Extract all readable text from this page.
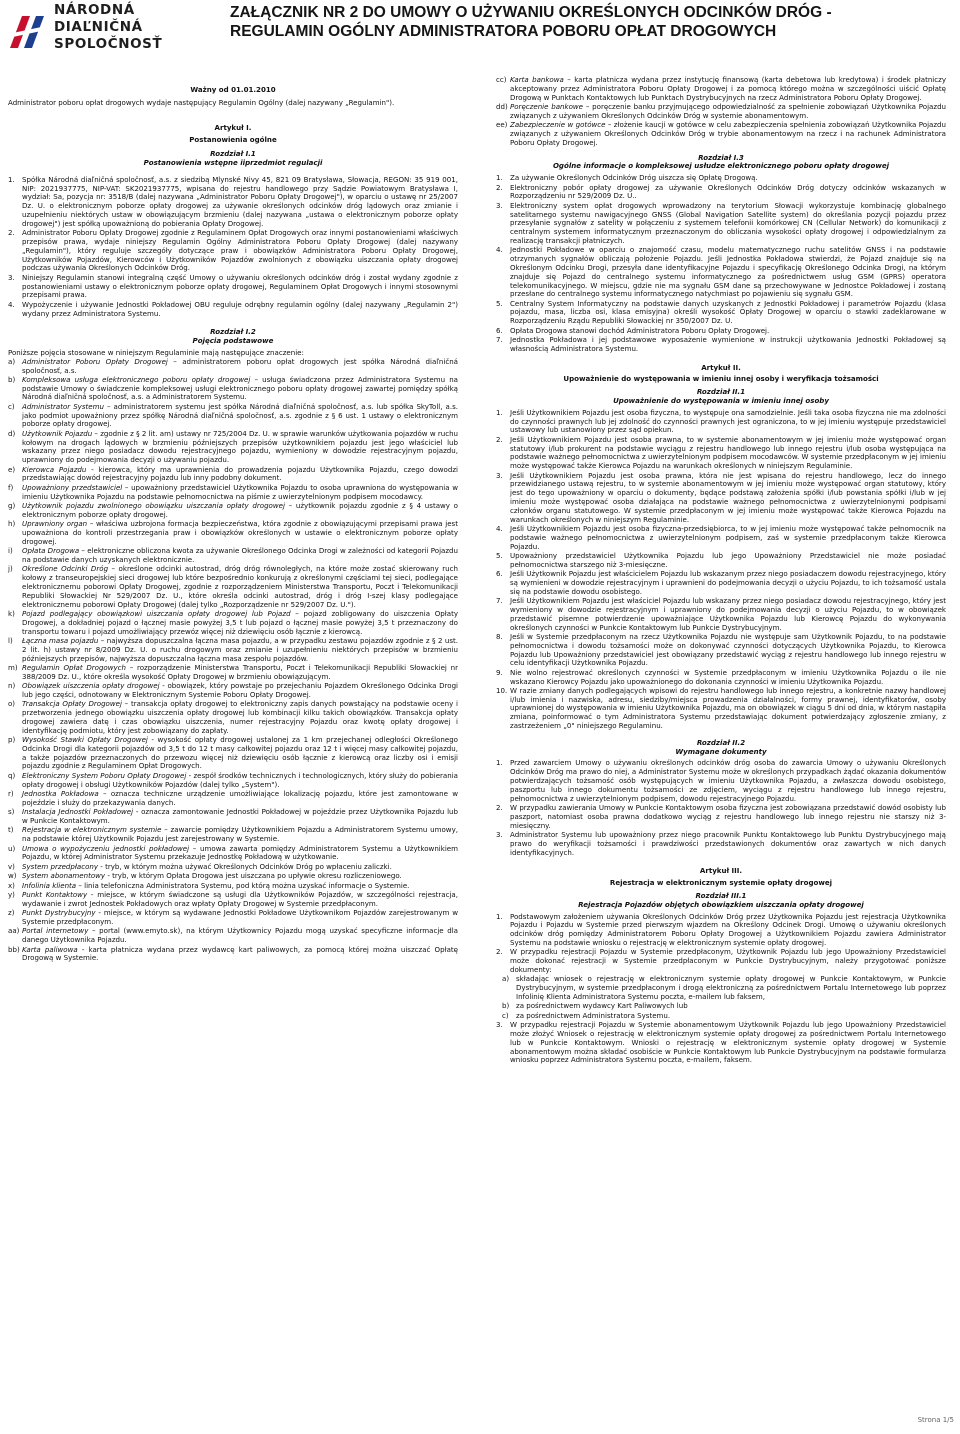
NÁRODNÁ
DIAĽNIČNÁ
SPOLOČNOSŤ
ZAŁĄCZNIK NR 2 DO UMOWY O UŻYWANIU OKREŚLONYCH ODCINKÓW DRÓG -
REGULAMIN OGÓLNY ADMINISTRATORA POBORU OPŁAT DROGOWYCH
Ważny od 01.01.2010

Administrator poboru opłat drogowych wydaje następujący Regulamin Ogólny (dalej nazywany „Regulamin").

Artykuł I.
Postanowienia ogólne
Rozdział I.1
Postanowienia wstępne iiprzedmiot regulacji
1.	Spółka Národná diaľničná spoločnosť, a.s. z siedzibą Mlynské Nivy 45, 821 09 Bratysława, Słowacja, REGON: 35 919 001, NIP: 2021937775, NIP-VAT: SK2021937775, wpisana do rejestru handlowego przy Sądzie Powiatowym Bratysława I, wydział: Sa, pozycja nr: 3518/B (dalej nazywana „Administrator Poboru Opłaty Drogowej"), w oparciu o ustawę nr 25/2007 Dz. U. o elektronicznym poborze opłaty drogowej za używanie określonych odcinków dróg lądowych oraz zmianie i uzupełnieniu niektórych ustaw w obowiązującym brzmieniu (dalej nazywana „ustawa o elektronicznym poborze opłaty drogowej") jest spółką upoważnioną do pobierania Opłaty Drogowej.
2.	Administrator Poboru Opłaty Drogowej zgodnie z Regulaminem Opłat Drogowych oraz innymi postanowieniami właściwych przepisów prawa, wydaje niniejszy Regulamin Ogólny Administratora Poboru Opłaty Drogowej (dalej nazywany „Regulamin"), który reguluje szczegóły dotyczące praw i obowiązków Administratora Poboru Opłaty Drogowej, Użytkowników Pojazdów, Kierowców i Użytkowników Pojazdów zwolnionych z obowiązku uiszczania opłaty drogowej podczas używania Określonych Odcinków Dróg.
3.	Niniejszy Regulamin stanowi integralną część Umowy o używaniu określonych odcinków dróg i został wydany zgodnie z postanowieniami ustawy o elektronicznym poborze opłaty drogowej, Regulaminem Opłat Drogowych i innymi stosownymi przepisami prawa.
4.	Wypożyczenie i używanie Jednostki Pokładowej OBU reguluje odrębny regulamin ogólny (dalej nazywany „Regulamin 2") wydany przez Administratora Systemu.
Rozdział I.2
Pojęcia podstawowe

Poniższe pojęcia stosowane w niniejszym Regulaminie mają następujące znaczenie:

a) Administrator Poboru Opłaty Drogowej – administratorem poboru opłat drogowych jest spółka Národná diaľničná spoločnosť, a.s.
b) Kompleksowa usługa elektronicznego poboru opłaty drogowej – usługa świadczona przez Administratora Systemu na podstawie Umowy o świadczenie kompleksowej usługi elektronicznego poboru opłaty drogowej zawartej pomiędzy spółką Národná diaľničná spoločnosť, a.s. a Administratorem Systemu.
c)	Administrator Systemu – administratorem systemu jest spółka Národná diaľničná spoločnosť, a.s. lub spółka SkyToll, a.s. jako podmiot upoważniony przez spółkę Národná diaľničná spoločnosť, a.s. zgodnie z § 6 ust. 1 ustawy o elektronicznym poborze opłaty drogowej.
d) Użytkownik Pojazdu – zgodnie z § 2 lit. am) ustawy nr 725/2004 Dz. U. w sprawie warunków użytkowania pojazdów w ruchu kołowym na drogach lądowych w brzmieniu późniejszych przepisów użytkownikiem pojazdu jest jego właściciel lub wskazany przez niego posiadacz dowodu rejestracyjnego pojazdu, wymieniony w dowodzie rejestracyjnym pojazdu, uprawniony do podejmowania decyzji o używaniu pojazdu.
e) Kierowca Pojazdu - kierowca, który ma uprawnienia do prowadzenia pojazdu Użytkownika Pojazdu, czego dowodzi przedstawiając dowód rejestracyjny pojazdu lub inny podobny dokument.
f)	Upoważniony przedstawiciel – upoważniony przedstawiciel Użytkownika Pojazdu to osoba uprawniona do występowania w imieniu Użytkownika Pojazdu na podstawie pełnomocnictwa na piśmie z uwierzytelnionym podpisem mocodawcy.
g) Użytkownik pojazdu zwolnionego obowiązku uiszczania opłaty drogowej – użytkownik pojazdu zgodnie z § 4 ustawy o elektronicznym poborze opłaty drogowej.
h) Uprawniony organ – właściwa uzbrojona formacja bezpieczeństwa, która zgodnie z obowiązującymi przepisami prawa jest upoważniona do kontroli przestrzegania praw i obowiązków określonych w ustawie o elektronicznym poborze opłaty drogowej.
i)	Opłata Drogowa – elektroniczne obliczona kwota za używanie Określonego Odcinka Drogi w zależności od kategorii Pojazdu na podstawie danych uzyskanych elektronicznie.
j)	Określone Odcinki Dróg – określone odcinki autostrad, dróg dróg równoległych, na które może zostać skierowany ruch kołowy z transeuropejskiej sieci drogowej lub które bezpośrednio konkurują z określonymi częściami tej sieci, podlegające elektronicznemu poborowi Opłaty Drogowej, zgodnie z rozporządzeniem Ministerstwa Transportu, Poczt i Telekomunikacji Republiki Słowackiej Nr 529/2007 Dz. U., które określa odcinki autostrad, dróg i dróg I-szej klasy podlegające elektronicznemu poborowi Opłaty Drogowej (dalej tylko „Rozporządzenie nr 529/2007 Dz. U.").
k)	Pojazd podlegający obowiązkowi uiszczania opłaty drogowej lub Pojazd – pojazd zobligowany do uiszczenia Opłaty Drogowej, a dokładniej pojazd o łącznej masie powyżej 3,5 t lub pojazd o łącznej masie powyżej 3,5 t przeznaczony do transportu towaru i pojazd umożliwiający przewóz więcej niż dziewięciu osób łącznie z kierowcą.
l)	Łączna masa pojazdu – najwyższa dopuszczalna łączna masa pojazdu, a w przypadku zestawu pojazdów zgodnie z § 2 ust. 2 lit. h) ustawy nr 8/2009 Dz. U. o ruchu drogowym oraz zmianie i uzupełnieniu niektórych przepisów w brzmieniu późniejszych przepisów, najwyższa dopuszczalna łączna masa zespołu pojazdów.
m) Regulamin Opłat Drogowych – rozporządzenie Ministerstwa Transportu, Poczt i Telekomunikacji Republiki Słowackiej nr 388/2009 Dz. U., które określa wysokość Opłaty Drogowej w brzmieniu obowiązującym.
n) Obowiązek uiszczenia opłaty drogowej - obowiązek, który powstaje po przejechaniu Pojazdem Określonego Odcinka Drogi lub jego części, odnotowany w Elektronicznym Systemie Poboru Opłaty Drogowej.
o) Transakcja Opłaty Drogowej – transakcja opłaty drogowej to elektroniczny zapis danych powstający na podstawie oceny i przetworzenia jednego obowiązku uiszczenia opłaty drogowej lub kombinacji kilku takich obowiązków. Transakcja opłaty drogowej zawiera datę i czas obowiązku uiszczenia, numer rejestracyjny Pojazdu oraz kwotę opłaty drogowej i identyfikację podmiotu, który jest zobowiązany do zapłaty.
p) Wysokość Stawki Opłaty Drogowej - wysokość opłaty drogowej ustalonej za 1 km przejechanej odległości Określonego Odcinka Drogi dla kategorii pojazdów od 3,5 t do 12 t masy całkowitej pojazdu oraz 12 t i więcej masy całkowitej pojazdu, a także pojazdów przeznaczonych do przewozu więcej niż dziewięciu osób łącznie z kierowcą oraz liczby osi i emisji pojazdu zgodnie z Regulaminem Opłat Drogowych.
q) Elektroniczny System Poboru Opłaty Drogowej - zespół środków technicznych i technologicznych, który służy do pobierania opłaty drogowej i obsługi Użytkowników Pojazdów (dalej tylko „System").
r)	Jednostka Pokładowa – oznacza techniczne urządzenie umożliwiające lokalizację pojazdu, które jest zamontowane w pojeździe i służy do przekazywania danych.
s)	Instalacja Jednostki Pokładowej - oznacza zamontowanie Jednostki Pokładowej w pojeździe przez Użytkownika Pojazdu lub w Punkcie Kontaktowym.
t)	Rejestracja w elektronicznym systemie – zawarcie pomiędzy Użytkownikiem Pojazdu a Administratorem Systemu umowy, na podstawie której Użytkownik Pojazdu jest zarejestrowany w Systemie.
u) Umowa o wypożyczeniu jednostki pokładowej – umowa zawarta pomiędzy Administratorem Systemu a Użytkownikiem Pojazdu, w której Administrator Systemu przekazuje Jednostkę Pokładową w użytkowanie.
v)	System przedpłacony - tryb, w którym można używać Określonych Odcinków Dróg po wpłaceniu zaliczki.
w) System abonamentowy - tryb, w którym Opłata Drogowa jest uiszczana po upływie okresu rozliczeniowego.
x)	Infolinia klienta – linia telefoniczna Administratora Systemu, pod którą można uzyskać informacje o Systemie.
y)	Punkt Kontaktowy - miejsce, w którym świadczone są usługi dla Użytkowników Pojazdów, w szczególności rejestracja, wydawanie i zwrot Jednostek Pokładowych oraz wpłaty Opłaty Drogowej w Systemie przedpłaconym.
z)	Punkt Dystrybucyjny - miejsce, w którym są wydawane Jednostki Pokładowe Użytkownikom Pojazdów zarejestrowanym w Systemie przedpłaconym.
aa) Portal internetowy – portal (www.emyto.sk), na którym Użytkownicy Pojazdu mogą uzyskać specyficzne informacje dla danego Użytkownika Pojazdu.
bb) Karta paliwowa - karta płatnicza wydana przez wydawcę kart paliwowych, za pomocą której można uiszczać Opłatę Drogową w Systemie.
cc) Karta bankowa – karta płatnicza wydana przez instytucję finansową (karta debetowa lub kredytowa) i środek płatniczy akceptowany przez Administratora Poboru Opłaty Drogowej i za pomocą którego można w szczególności uiścić Opłatę Drogową w Punktach Kontaktowych lub Punktach Dystrybucyjnych na rzecz Administratora Poboru Opłaty Drogowej.
dd) Poręczenie bankowe – poręczenie banku przyjmującego odpowiedzialność za spełnienie zobowiązań Użytkownika Pojazdu związanych z używaniem Określonych Odcinków Dróg w systemie abonamentowym.
ee) Zabezpieczenie w gotówce – złożenie kaucji w gotówce w celu zabezpieczenia spełnienia zobowiązań Użytkownika Pojazdu związanych z używaniem Określonych Odcinków Dróg w trybie abonamentowym na rzecz i na rachunek Administratora Poboru Opłaty Drogowej.
Rozdział I.3
Ogólne informacje o kompleksowej usłudze elektronicznego poboru opłaty drogowej
1.	Za używanie Określonych Odcinków Dróg uiszcza się Opłatę Drogową.
2.	Elektroniczny pobór opłaty drogowej za używanie Określonych Odcinków Dróg dotyczy odcinków wskazanych w Rozporządzeniu nr 529/2009 Dz. U..
3.	Elektroniczny system opłat drogowych wprowadzony na terytorium Słowacji wykorzystuje kombinację globalnego satelitarnego systemu nawigacyjnego GNSS (Global Navigation Satellite system) do określania pozycji pojazdu przez przesyłanie sygnałów z satelity w połączeniu z systemem telefonii komórkowej CN (Cellular Network) do komunikacji z centralnym systemem informatycznym przeznaczonym do obliczania wysokości opłaty drogowej i odpowiedzialnym za realizację transakcji płatniczych.
4.	Jednostki Pokładowe w oparciu o znajomość czasu, modelu matematycznego ruchu satelitów GNSS i na podstawie otrzymanych sygnałów obliczają położenie Pojazdu. Jeśli Jednostka Pokładowa stwierdzi, że Pojazd znajduje się na Określonym Odcinku Drogi, przesyła dane identyfikacyjne Pojazdu i specyfikację Określonego Odcinka Drogi, na którym znajduje się Pojazd do centralnego systemu informatycznego za pośrednictwem usług GSM (GPRS) operatora telekomunikacyjnego. W miejscu, gdzie nie ma sygnału GSM dane są przechowywane w Jednostce Pokładowej i zostaną przesłane do centralnego systemu informatycznego natychmiast po pojawieniu się sygnału GSM.
5.	Centralny System Informatyczny na podstawie danych uzyskanych z Jednostki Pokładowej i parametrów Pojazdu (klasa pojazdu, masa, liczba osi, klasa emisyjna) określi wysokość Opłaty Drogowej w oparciu o stawki zadeklarowane w Rozporządzeniu Rządu Republiki Słowackiej nr 350/2007 Dz. U.
6.	Opłata Drogowa stanowi dochód Administratora Poboru Opłaty Drogowej.
7.	Jednostka Pokładowa i jej podstawowe wyposażenie wymienione w instrukcji użytkowania Jednostki Pokładowej są własnością Administratora Systemu.
Artykuł II.
Upoważnienie do występowania w imieniu innej osoby i weryfikacja tożsamości
Rozdział II.1
Upoważnienie do występowania w imieniu innej osoby
1.	Jeśli Użytkownikiem Pojazdu jest osoba fizyczna, to występuje ona samodzielnie. Jeśli taka osoba fizyczna nie ma zdolności do czynności prawnych lub jej zdolność do czynności prawnych jest ograniczona, to w jej imieniu występuje przedstawiciel ustawowy lub ustanowiony przez sąd opiekun.
2.	Jeśli Użytkownikiem Pojazdu jest osoba prawna, to w systemie abonamentowym w jej imieniu może występować organ statutowy i/lub prokurent na podstawie wyciągu z rejestru handlowego lub innego rejestru i/lub osoba występująca na podstawie ważnego pełnomocnictwa z uwierzytelnionym podpisem mocodawców. W systemie przedpłaconym w jej imieniu może występować także Kierowca Pojazdu na warunkach określonych w niniejszym Regulaminie.
3.	Jeśli Użytkownikiem Pojazdu jest osoba prawna, która nie jest wpisana do rejestru handlowego, lecz do innego przewidzianego ustawą rejestru, to w systemie abonamentowym w jej imieniu może występować organ statutowy, który jest do tego upoważniony w oparciu o dokumenty, będące podstawą założenia spółki i/lub powstania spółki i/lub w jej imieniu może występować osoba działająca na podstawie ważnego pełnomocnictwa z uwierzytelnionymi podpisami członków organu statutowego. W systemie przedpłaconym w jej imieniu może występować także Kierowca Pojazdu na warunkach określonych w niniejszym Regulaminie.
4.	Jeśli Użytkownikiem Pojazdu jest osoba fizyczna-przedsiębiorca, to w jej imieniu może występować także pełnomocnik na podstawie ważnego pełnomocnictwa z uwierzytelnionym podpisem, zaś w systemie przedpłaconym także Kierowca Pojazdu.
5.	Upoważniony przedstawiciel Użytkownika Pojazdu lub jego Upoważniony Przedstawiciel nie może posiadać pełnomocnictwa starszego niż 3-miesięczne.
6.	Jeśli Użytkownik Pojazdu jest właścicielem Pojazdu lub wskazanym przez niego posiadaczem dowodu rejestracyjnego, który są wymienieni w dowodzie rejestracyjnym i uprawnieni do podejmowania decyzji o użyciu Pojazdu, to ich tożsamość ustala się na podstawie dowodu osobistego.
7.	Jeśli Użytkownikiem Pojazdu jest właściciel Pojazdu lub wskazany przez niego posiadacz dowodu rejestracyjnego, który jest wymieniony w dowodzie rejestracyjnym i uprawniony do podejmowania decyzji o użyciu Pojazdu, to w obowiązek przedstawić pisemne potwierdzenie upoważniające Użytkownika Pojazdu lub Kierowcę Pojazdu do wykonywania określonych czynności w Punkcie Kontaktowym lub Punkcie Dystrybucyjnym.
8.	Jeśli w Systemie przedpłaconym na rzecz Użytkownika Pojazdu nie występuje sam Użytkownik Pojazdu, to na podstawie pełnomocnictwa i dowodu tożsamości może on dokonywać czynności dotyczących Użytkownika Pojazdu, to Kierowca Pojazdu lub Upoważniony przedstawiciel jest obowiązany przedstawić wyciąg z rejestru handlowego lub innego rejestru w celu identyfikacji Użytkownika Pojazdu.
9.	Nie wolno rejestrować określonych czynności w Systemie przedpłaconym w imieniu Użytkownika Pojazdu o ile nie wskazano Kierowcy Pojazdu jako upoważnionego do dokonania czynności w imieniu Użytkownika Pojazdu.
10. W razie zmiany danych podlegających wpisowi do rejestru handlowego lub innego rejestru, a konkretnie nazwy handlowej i/lub imienia i nazwiska, adresu, siedziby/miejsca prowadzenia działalności, formy prawnej, identyfikatorów, osoby uprawnionej do występowania w imieniu Użytkownika Pojazdu, ma on obowiązek w ciągu 5 dni od dnia, w którym nastąpiła zmiana, poinformować o tym Administratora Systemu przedstawiając dokument potwierdzający zgłoszenie zmiany, z zastrzeżeniem „0" niniejszego Regulaminu.
Rozdział II.2
Wymagane dokumenty
1.	Przed zawarciem Umowy o używaniu określonych odcinków dróg osoba do zawarcia Umowy o używaniu Określonych Odcinków Dróg ma prawo do niej, a Administrator Systemu może w określonych przypadkach żądać okazania dokumentów potwierdzających tożsamość osób występujących w imieniu Użytkownika Pojazdu, a zwłaszcza dowodu osobistego, paszportu lub innego dokumentu tożsamości ze zdjęciem, wyciągu z rejestru handlowego lub innego rejestru, pełnomocnictwa z uwierzytelnionym podpisem, dowodu rejestracyjnego Pojazdu.
2.	W przypadku zawierania Umowy w Punkcie Kontaktowym osoba fizyczna jest zobowiązana przedstawić dowód osobisty lub paszport, natomiast osoba prawna dodatkowo wyciąg z rejestru handlowego lub innego rejestru nie starszy niż 3-miesięczny.
3.	Administrator Systemu lub upoważniony przez niego pracownik Punktu Kontaktowego lub Punktu Dystrybucyjnego mają prawo do weryfikacji tożsamości i prawdziwości przedstawionych dokumentów oraz zawartych w nich danych identyfikacyjnych.
Artykuł III.
Rejestracja w elektronicznym systemie opłaty drogowej
Rozdział III.1
Rejestracja Pojazdów objętych obowiązkiem uiszczania opłaty drogowej
1.	Podstawowym założeniem używania Określonych Odcinków Dróg przez Użytkownika Pojazdu jest rejestracja Użytkownika Pojazdu i Pojazdu w Systemie przed pierwszym wjazdem na Określony Odcinek Drogi. Umowę o używaniu określonych odcinków dróg pomiędzy Administratorem Poboru Opłaty Drogowej a Użytkownikiem Pojazdu zawiera Administrator Systemu na podstawie wniosku o rejestrację w elektronicznym systemie opłaty drogowej.
2.	W przypadku rejestracji Pojazdu w Systemie przedpłaconym, Użytkownik Pojazdu lub jego Upoważniony Przedstawiciel może dokonać rejestracji w Systemie przedpłaconym w Punkcie Dystrybucyjnym, należy przygotować poniższe dokumenty:
a) składając wniosek o rejestrację w elektronicznym systemie opłaty drogowej w Punkcie Kontaktowym, w Punkcie Dystrybucyjnym, w systemie przedpłaconym i drogą elektroniczną za pośrednictwem Portalu Internetowego lub poprzez Infolinię Klienta Administratora Systemu poczta, e-mailem lub faksem,
b) za pośrednictwem wydawcy Kart Paliwowych lub
c)	za pośrednictwem Administratora Systemu.
3.	W przypadku rejestracji Pojazdu w Systemie abonamentowym Użytkownik Pojazdu lub jego Upoważniony Przedstawiciel może złożyć Wniosek o rejestrację w elektronicznym systemie opłaty drogowej za pośrednictwem Portalu Internetowego lub w Punkcie Kontaktowym. Wnioski o rejestrację w elektronicznym systemie opłaty drogowej w Systemie abonamentowym można składać osobiście w Punkcie Kontaktowym lub Punkcie Dystrybucyjnym na podstawie formularza wniosku poprzez Administratora Systemu poczta, e-mailem, faksem.
Strona 1/5
